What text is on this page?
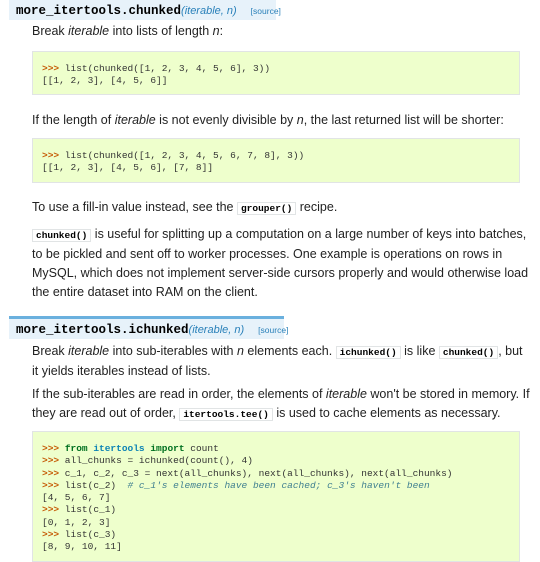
more_itertools.chunked(iterable, n) [source]

Break iterable into lists of length n:

>>> list(chunked([1, 2, 3, 4, 5, 6], 3))
[[1, 2, 3], [4, 5, 6]]

If the length of iterable is not evenly divisible by n, the last returned list will be shorter:

>>> list(chunked([1, 2, 3, 4, 5, 6, 7, 8], 3))
[[1, 2, 3], [4, 5, 6], [7, 8]]

To use a fill-in value instead, see the grouper() recipe.

chunked() is useful for splitting up a computation on a large number of keys into batches, to be pickled and sent off to worker processes. One example is operations on rows in MySQL, which does not implement server-side cursors properly and would otherwise load the entire dataset into RAM on the client.

more_itertools.ichunked(iterable, n) [source]

Break iterable into sub-iterables with n elements each. ichunked() is like chunked() , but it yields iterables instead of lists.

If the sub-iterables are read in order, the elements of iterable won't be stored in memory. If they are read out of order, itertools.tee() is used to cache elements as necessary.

>>> from itertools import count
>>> all_chunks = ichunked(count(), 4)
>>> c_1, c_2, c_3 = next(all_chunks), next(all_chunks), next(all_chunks)
>>> list(c_2)  # c_1's elements have been cached; c_3's haven't been
[4, 5, 6, 7]
>>> list(c_1)
[0, 1, 2, 3]
>>> list(c_3)
[8, 9, 10, 11]
